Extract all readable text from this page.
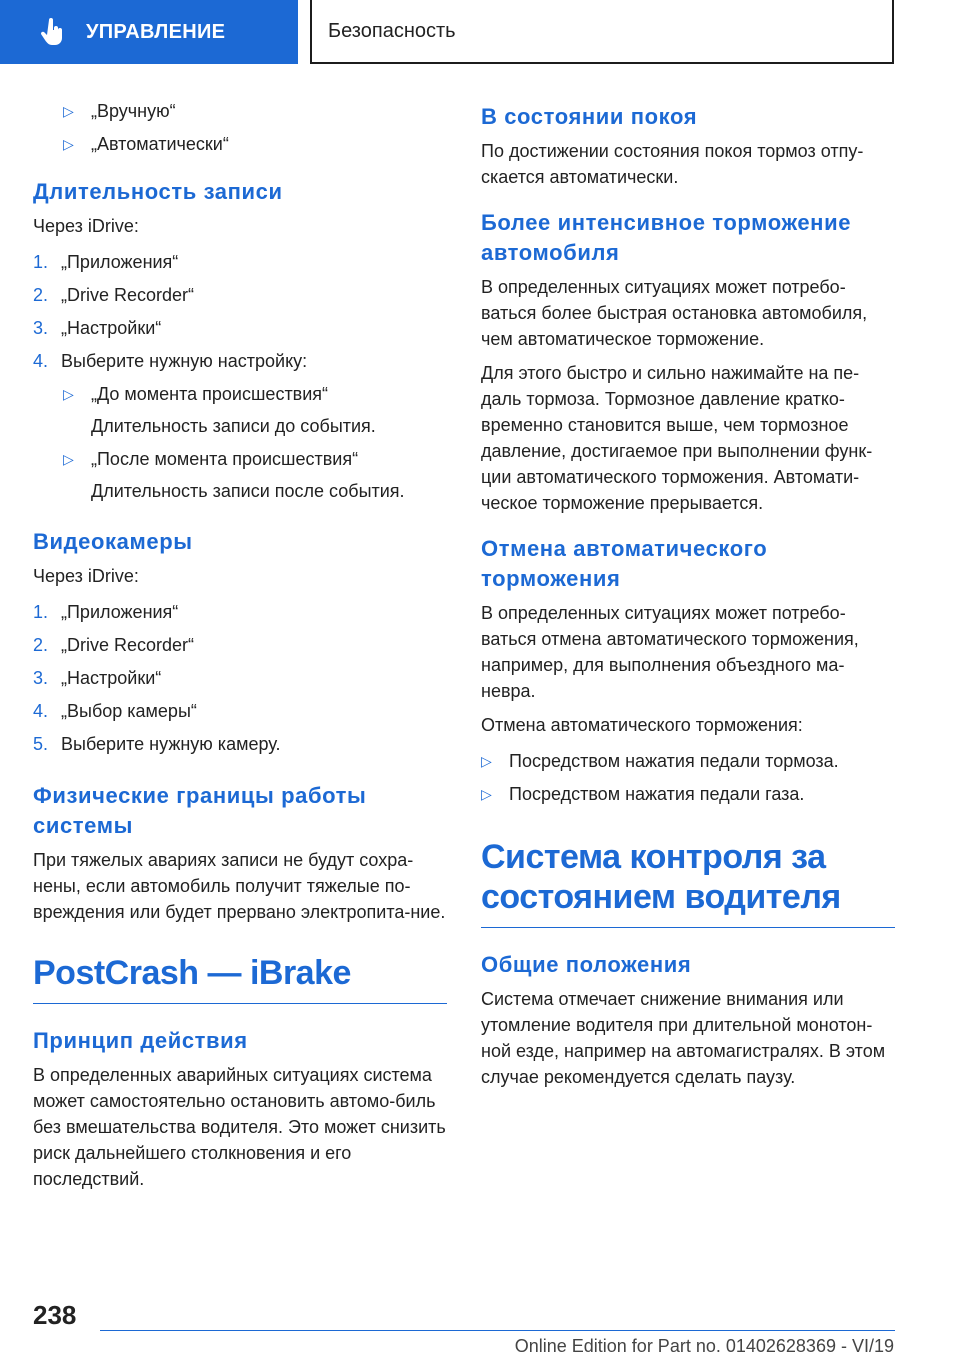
УПРАВЛЕНИЕ	Безопасность
▷ „Вручную“
▷ „Автоматически“
Длительность записи

Через iDrive:

1. „Приложения“
2. „Drive Recorder“
3. „Настройки“
4. Выберите нужную настройку:
▷ „До момента происшествия“
Длительность записи до события.
▷ „После момента происшествия“
Длительность записи после события.
Видеокамеры

Через iDrive:

1. „Приложения“
2. „Drive Recorder“
3. „Настройки“
4. „Выбор камеры“
5. Выберите нужную камеру.
Физические границы работы системы

При тяжелых авариях записи не будут сохра-нены, если автомобиль получит тяжелые по-вреждения или будет прервано электропита-ние.

PostCrash — iBrake
Принцип действия

В определенных аварийных ситуациях система может самостоятельно остановить автомо-биль без вмешательства водителя. Это может снизить риск дальнейшего столкновения и его последствий.

В состоянии покоя

По достижении состояния покоя тормоз отпу-скается автоматически.

Более интенсивное торможение автомобиля

В определенных ситуациях может потребо-ваться более быстрая остановка автомобиля, чем автоматическое торможение.

Для этого быстро и сильно нажимайте на пе-даль тормоза. Тормозное давление кратко-временно становится выше, чем тормозное давление, достигаемое при выполнении функ-ции автоматического торможения. Автомати-ческое торможение прерывается.

Отмена автоматического торможения

В определенных ситуациях может потребо-ваться отмена автоматического торможения, например, для выполнения объездного ма-невра.

Отмена автоматического торможения:

▷ Посредством нажатия педали тормоза.
▷ Посредством нажатия педали газа.
Система контроля за состоянием водителя
Общие положения

Система отмечает снижение внимания или утомление водителя при длительной монотон-ной езде, например на автомагистралях. В этом случае рекомендуется сделать паузу.

238
Online Edition for Part no. 01402628369 - VI/19
